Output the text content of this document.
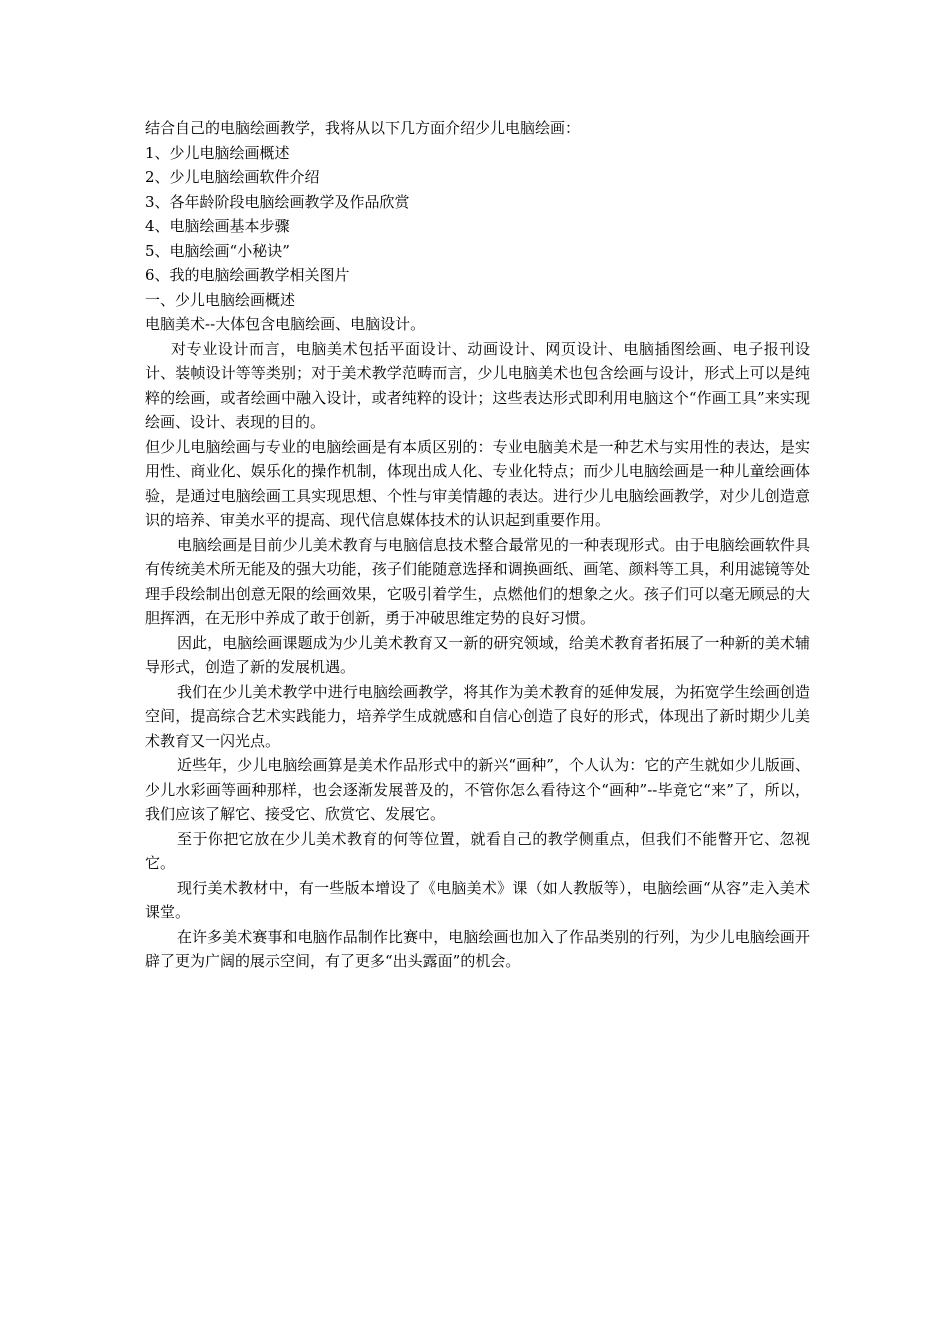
结合自己的电脑绘画教学，我将从以下几方面介绍少儿电脑绘画：

1、少儿电脑绘画概述

2、少儿电脑绘画软件介绍

3、各年龄阶段电脑绘画教学及作品欣赏

4、电脑绘画基本步骤

5、电脑绘画“小秘诀”

6、我的电脑绘画教学相关图片

一、少儿电脑绘画概述

电脑美术--大体包含电脑绘画、电脑设计。

对专业设计而言，电脑美术包括平面设计、动画设计、网页设计、电脑插图绘画、电子报刊设计、装帧设计等等类别；对于美术教学范畴而言，少儿电脑美术也包含绘画与设计，形式上可以是纯粹的绘画，或者绘画中融入设计，或者纯粹的设计；这些表达形式即利用电脑这个“作画工具”来实现绘画、设计、表现的目的。

但少儿电脑绘画与专业的电脑绘画是有本质区别的：专业电脑美术是一种艺术与实用性的表达，是实用性、商业化、娱乐化的操作机制，体现出成人化、专业化特点；而少儿电脑绘画是一种儿童绘画体验，是通过电脑绘画工具实现思想、个性与审美情趣的表达。进行少儿电脑绘画教学，对少儿创造意识的培养、审美水平的提高、现代信息媒体技术的认识起到重要作用。

电脑绘画是目前少儿美术教育与电脑信息技术整合最常见的一种表现形式。由于电脑绘画软件具有传统美术所无能及的强大功能，孩子们能随意选择和调换画纸、画笔、颜料等工具，利用滤镜等处理手段绘制出创意无限的绘画效果，它吸引着学生，点燃他们的想象之火。孩子们可以毫无顾忌的大胆挥洒，在无形中养成了敢于创新，勇于冲破思维定势的良好习惯。

因此，电脑绘画课题成为少儿美术教育又一新的研究领域，给美术教育者拓展了一种新的美术辅导形式，创造了新的发展机遇。

我们在少儿美术教学中进行电脑绘画教学，将其作为美术教育的延伸发展，为拓宽学生绘画创造空间，提高综合艺术实践能力，培养学生成就感和自信心创造了良好的形式，体现出了新时期少儿美术教育又一闪光点。

近些年，少儿电脑绘画算是美术作品形式中的新兴“画种”，个人认为：它的产生就如少儿版画、少儿水彩画等画种那样，也会逐渐发展普及的，不管你怎么看待这个“画种”--毕竟它“来”了，所以，我们应该了解它、接受它、欣赏它、发展它。

至于你把它放在少儿美术教育的何等位置，就看自己的教学侧重点，但我们不能瞥开它、忽视它。

现行美术教材中，有一些版本增设了《电脑美术》课（如人教版等），电脑绘画“从容”走入美术课堂。

在许多美术赛事和电脑作品制作比赛中，电脑绘画也加入了作品类别的行列，为少儿电脑绘画开辟了更为广阔的展示空间，有了更多“出头露面”的机会。
